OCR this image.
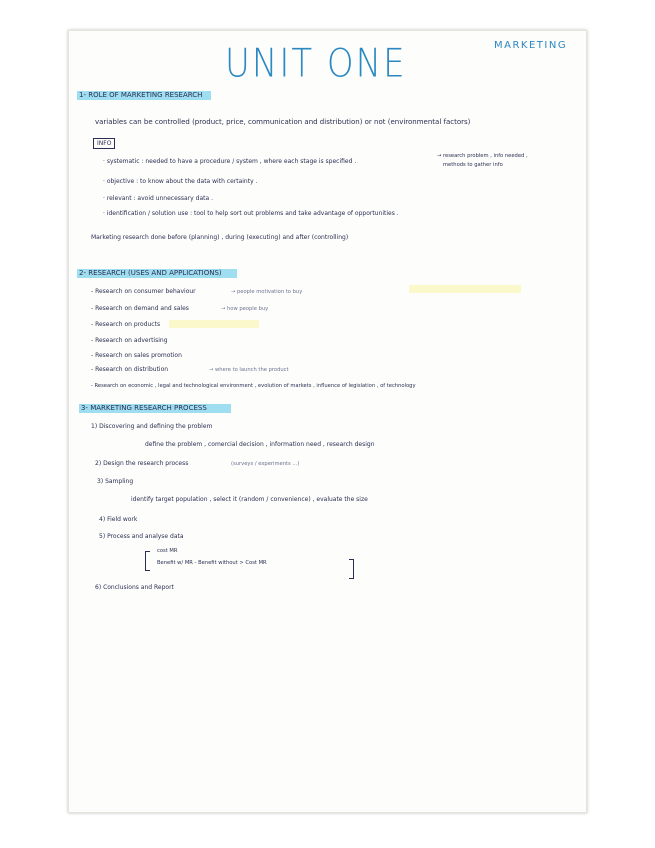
UNIT ONE	MARKETING
1- ROLE OF MARKETING RESEARCH
variables can be controlled (product, price, communication and distribution) or not (environmental factors)
INFO
· systematic : needed to have a procedure / system , where each stage is specified .
→ research problem , info needed ,
methods to gather info
· objective : to know about the data with certainty .
· relevant : avoid unnecessary data .
· identification / solution use : tool to help sort out problems and take advantage of opportunities .
Marketing research done before (planning) , during (executing) and after (controlling)
2- RESEARCH (USES AND APPLICATIONS)
- Research on consumer behaviour	→ people motivation to buy
- Research on demand and sales	→ how people buy
- Research on products
- Research on advertising
- Research on sales promotion
- Research on distribution	→ where to launch the product
- Research on economic , legal and technological environment , evolution of markets , influence of legislation , of technology
3- MARKETING RESEARCH PROCESS
1) Discovering and defining the problem
define the problem , comercial decision , information need , research design
2) Design the research process	(surveys / experiments ...)
3) Sampling
identify target population , select it (random / convenience) , evaluate the size
4) Field work
5) Process and analyse data
cost MR
Benefit w/ MR - Benefit without > Cost MR
6) Conclusions and Report
